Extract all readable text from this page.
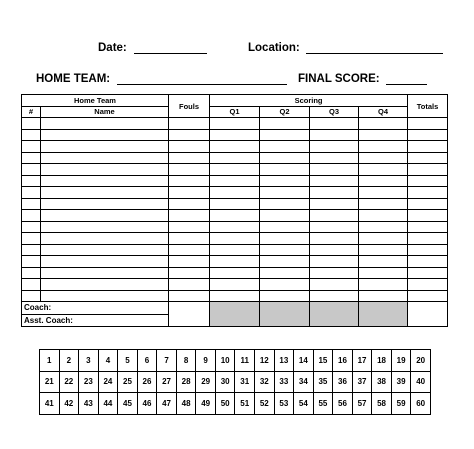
Date:	Location:
HOME TEAM:	FINAL SCORE:
Home Team		Fouls	Scoring				Totals
#	Name		Q1	Q2	Q3	Q4	

Coach:							
Asst. Coach:							
1	2	3	4	5	6	7	8	9	10	11	12	13	14	15	16	17	18	19	20
21	22	23	24	25	26	27	28	29	30	31	32	33	34	35	36	37	38	39	40
41	42	43	44	45	46	47	48	49	50	51	52	53	54	55	56	57	58	59	60
